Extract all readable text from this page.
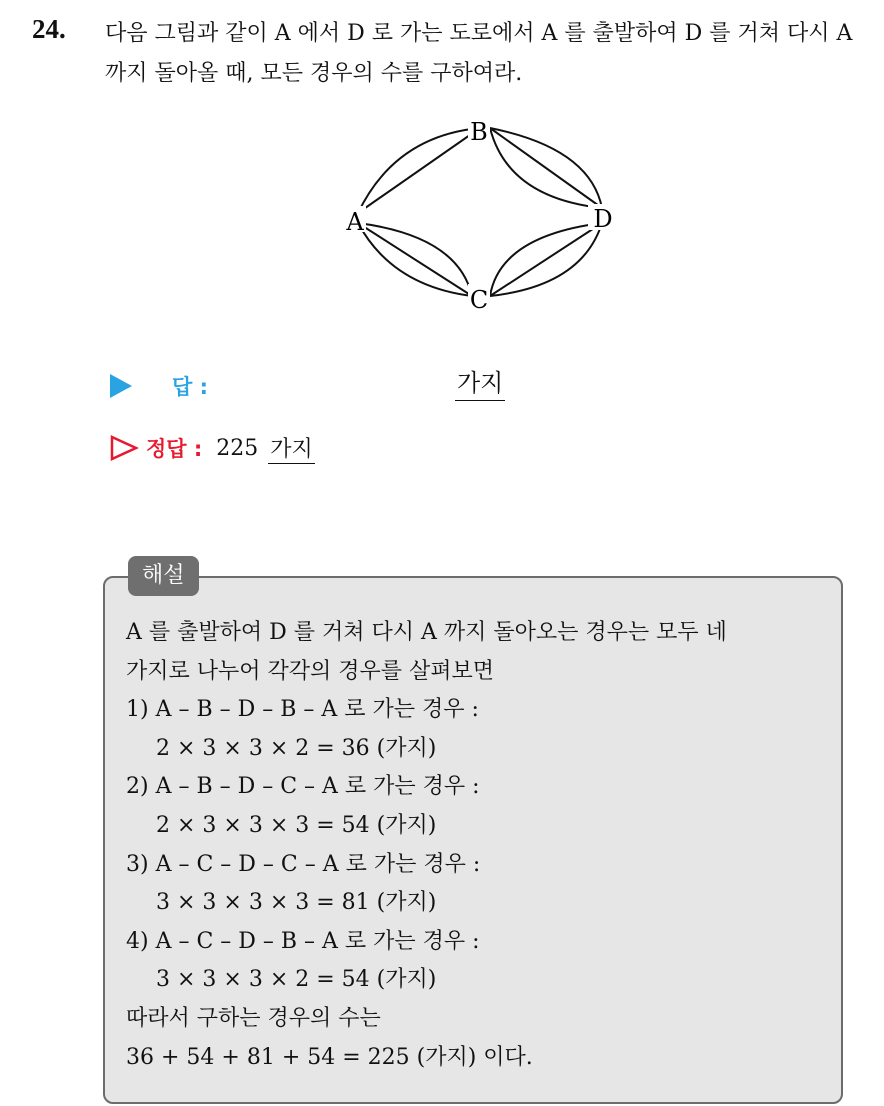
24. 다음 그림과 같이 A 에서 D 로 가는 도로에서 A 를 출발하여 D 를 거쳐 다시 A 까지 돌아올 때, 모든 경우의 수를 구하여라.
B
D
A
C
답 :	가지
정답 : 225 가지
해설
A 를 출발하여 D 를 거쳐 다시 A 까지 돌아오는 경우는 모두 네
가지로 나누어 각각의 경우를 살펴보면
1) A – B – D – B – A 로 가는 경우 :
2 × 3 × 3 × 2 = 36 (가지)
2) A – B – D – C – A 로 가는 경우 :
2 × 3 × 3 × 3 = 54 (가지)
3) A – C – D – C – A 로 가는 경우 :
3 × 3 × 3 × 3 = 81 (가지)
4) A – C – D – B – A 로 가는 경우 :
3 × 3 × 3 × 2 = 54 (가지)
따라서 구하는 경우의 수는
36 + 54 + 81 + 54 = 225 (가지) 이다.
